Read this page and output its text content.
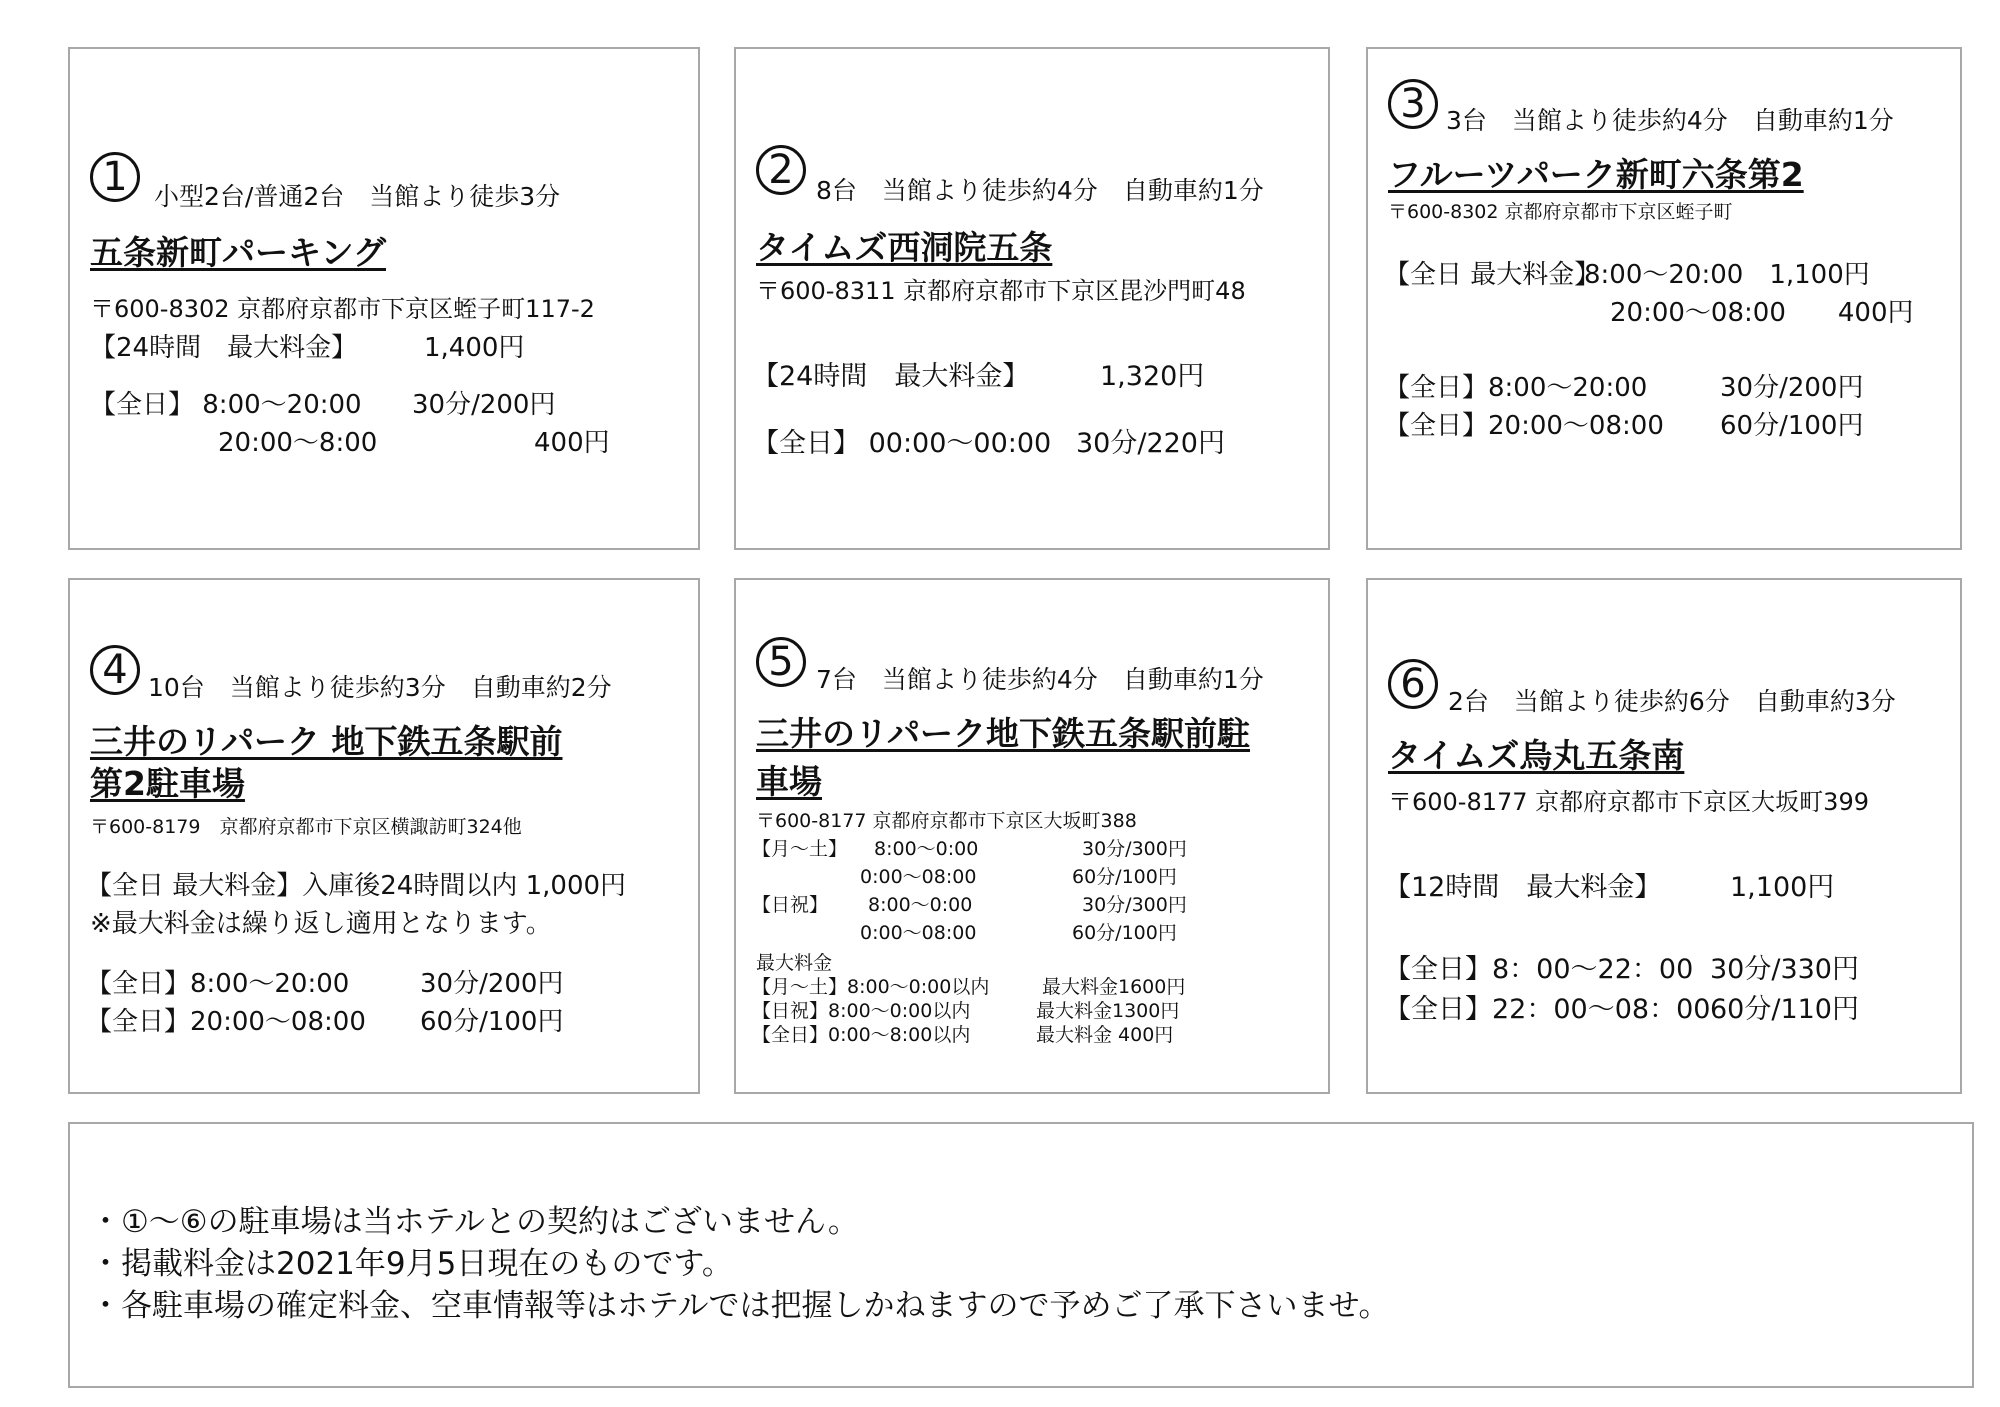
1	小型2台/普通2台　当館より徒歩3分
五条新町パーキング
〒600-8302 京都府京都市下京区蛭子町117-2
【24時間　最大料金】	1,400円
【全日】 8:00～20:00 30分/200円
20:00～8:00	400円
2 8台　当館より徒歩約4分　自動車約1分
タイムズ西洞院五条
〒600-8311 京都府京都市下京区毘沙門町48
【24時間　最大料金】	1,320円
【全日】 00:00～00:00 30分/220円
3 3台　当館より徒歩約4分　自動車約1分
フルーツパーク新町六条第2
〒600-8302 京都府京都市下京区蛭子町
【全日 最大料金】
8:00～20:00　1,100円
20:00～08:00　　400円
【全日】8:00～20:00	30分/200円
【全日】20:00～08:00 60分/100円
4 10台　当館より徒歩約3分　自動車約2分
三井のリパーク 地下鉄五条駅前
第2駐車場
〒600-8179　京都府京都市下京区横諏訪町324他
【全日 最大料金】入庫後24時間以内 1,000円
※最大料金は繰り返し適用となります。
【全日】8:00～20:00	30分/200円
【全日】20:00～08:00 60分/100円
5 7台　当館より徒歩約4分　自動車約1分
三井のリパーク地下鉄五条駅前駐
車場
〒600-8177 京都府京都市下京区大坂町388
【月～土】 8:00～0:00	30分/300円
0:00～08:00	60分/100円
【日祝】 8:00～0:00	30分/300円
0:00～08:00	60分/100円
最大料金
【月～土】8:00～0:00以内	最大料金1600円
【日祝】8:00～0:00以内	最大料金1300円
【全日】0:00～8:00以内	最大料金 400円
6 2台　当館より徒歩約6分　自動車約3分
タイムズ烏丸五条南
〒600-8177 京都府京都市下京区大坂町399
【12時間　最大料金】	1,100円
【全日】8：00～22：00 30分/330円
【全日】22：00～08：00 60分/110円
・①～⑥の駐車場は当ホテルとの契約はございません。
・掲載料金は2021年9月5日現在のものです。
・各駐車場の確定料金、空車情報等はホテルでは把握しかねますので予めご了承下さいませ。
